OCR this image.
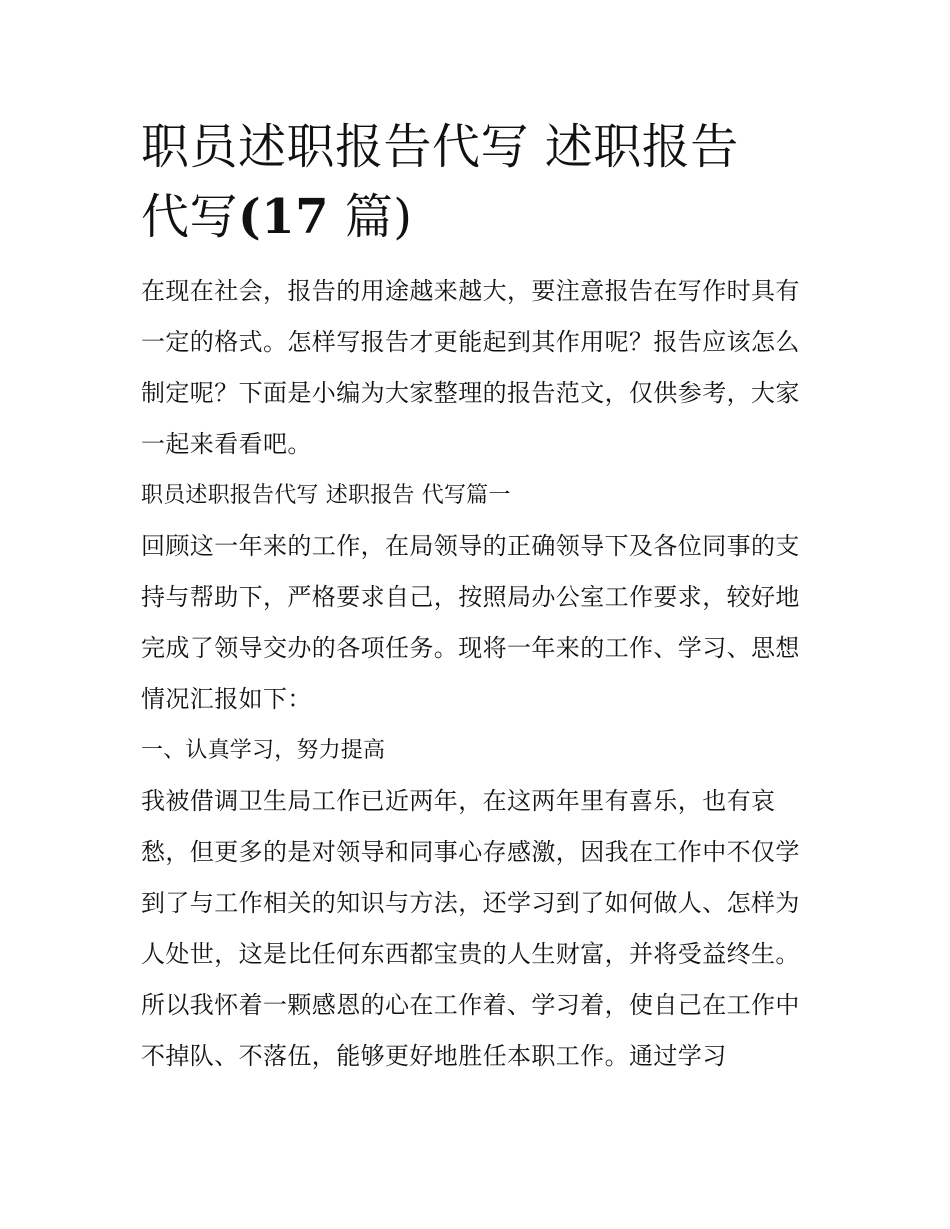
职员述职报告代写 述职报告
代写(17 篇)

在现在社会，报告的用途越来越大，要注意报告在写作时具有
一定的格式。怎样写报告才更能起到其作用呢？报告应该怎么
制定呢？下面是小编为大家整理的报告范文，仅供参考，大家
一起来看看吧。

职员述职报告代写 述职报告 代写篇一

回顾这一年来的工作，在局领导的正确领导下及各位同事的支
持与帮助下，严格要求自己，按照局办公室工作要求，较好地
完成了领导交办的各项任务。现将一年来的工作、学习、思想
情况汇报如下：

一、认真学习，努力提高

我被借调卫生局工作已近两年，在这两年里有喜乐，也有哀
愁，但更多的是对领导和同事心存感激，因我在工作中不仅学
到了与工作相关的知识与方法，还学习到了如何做人、怎样为
人处世，这是比任何东西都宝贵的人生财富，并将受益终生。
所以我怀着一颗感恩的心在工作着、学习着，使自己在工作中
不掉队、不落伍，能够更好地胜任本职工作。通过学习
